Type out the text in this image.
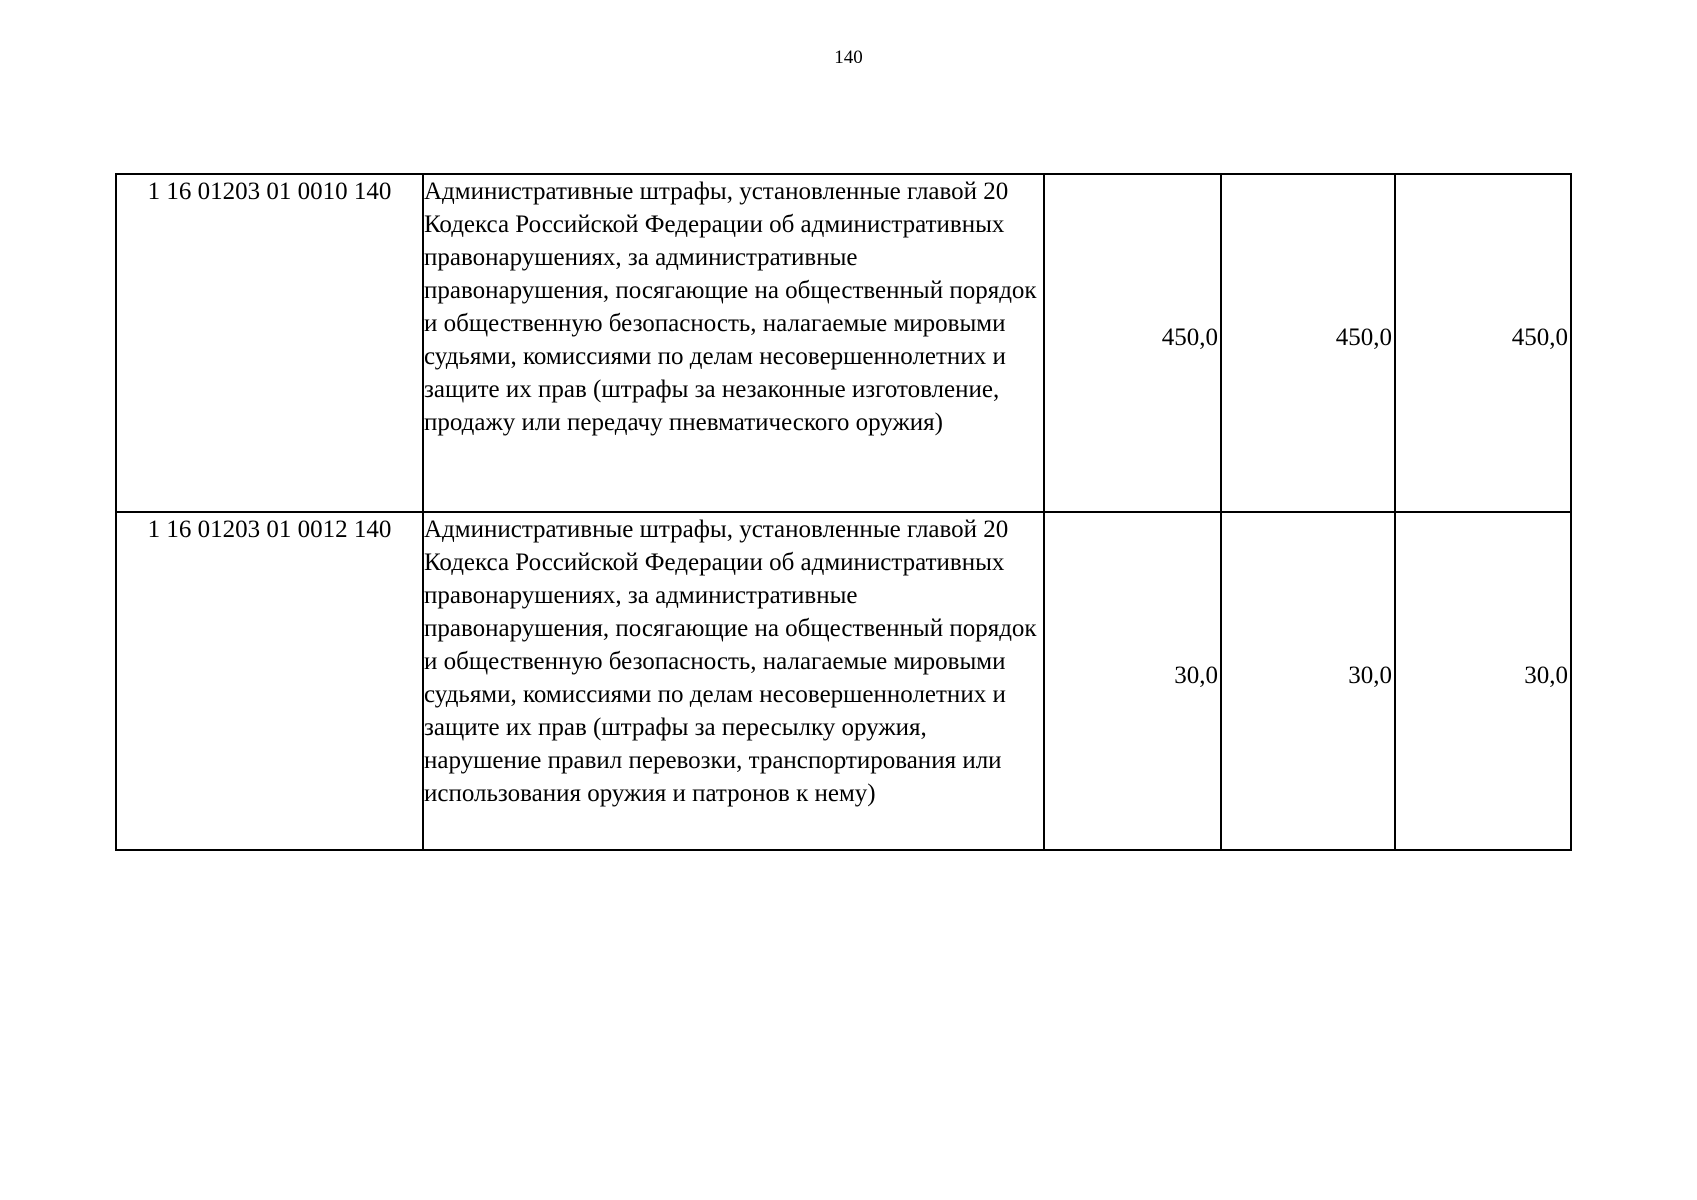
140
1 16 01203 01 0010 140	Административные штрафы, установленные главой 20 Кодекса Российской Федерации об административных правонарушениях, за административные правонарушения, посягающие на общественный порядок и общественную безопасность, налагаемые мировыми судьями, комиссиями по делам несовершеннолетних и защите их прав (штрафы за незаконные изготовление, продажу или передачу пневматического оружия)	450,0	450,0	450,0
1 16 01203 01 0012 140	Административные штрафы, установленные главой 20 Кодекса Российской Федерации об административных правонарушениях, за административные правонарушения, посягающие на общественный порядок и общественную безопасность, налагаемые мировыми судьями, комиссиями по делам несовершеннолетних и защите их прав (штрафы за пересылку оружия, нарушение правил перевозки, транспортирования или использования оружия и патронов к нему)	30,0	30,0	30,0
